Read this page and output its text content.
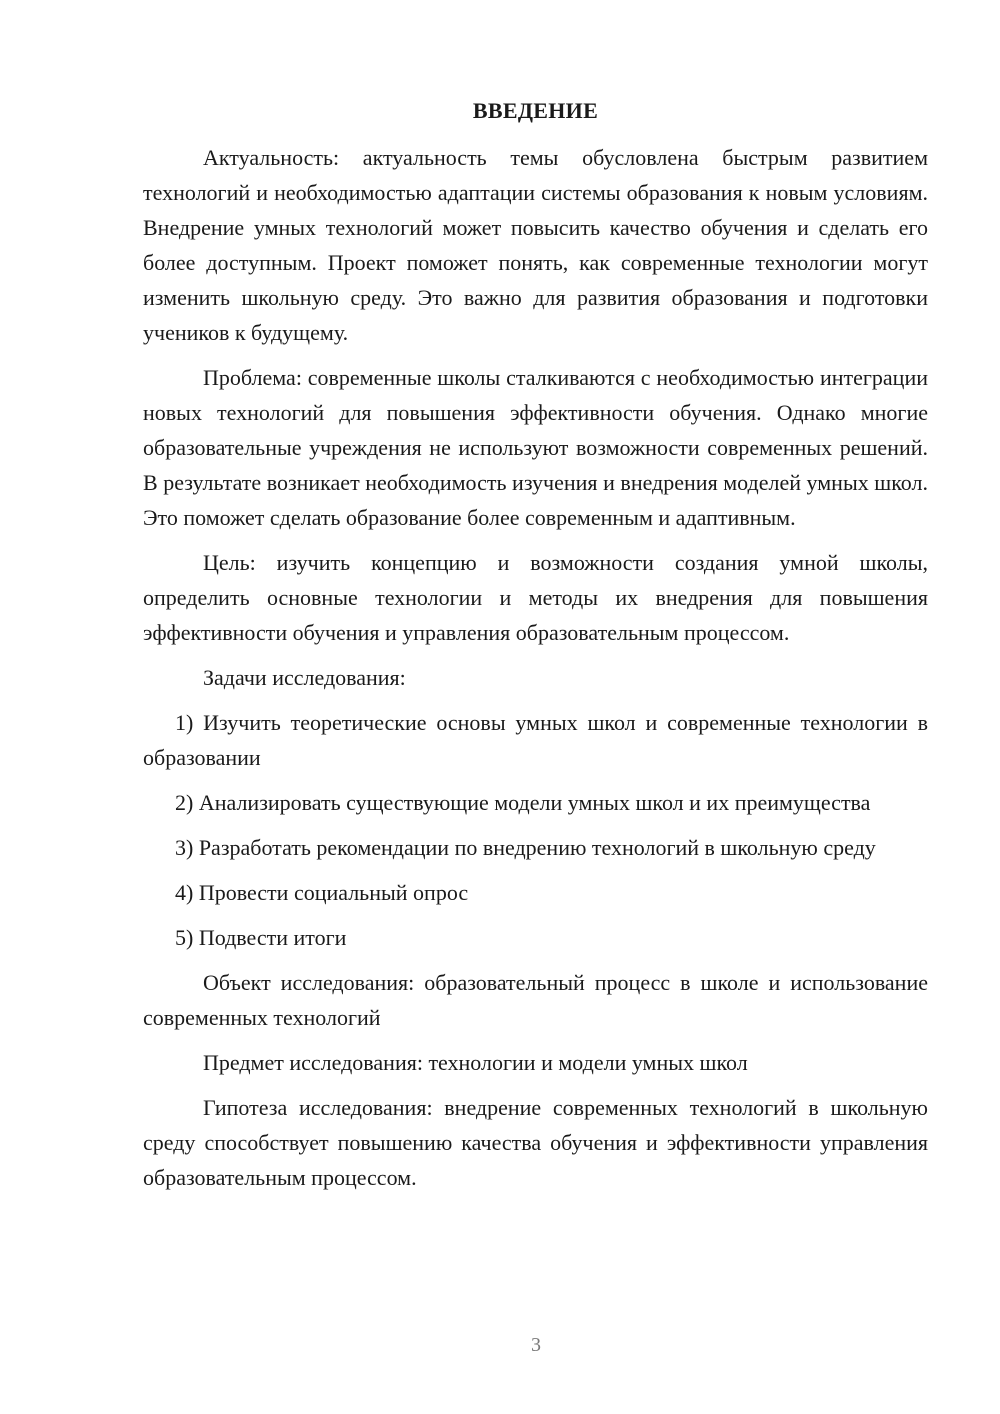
ВВЕДЕНИЕ

Актуальность: актуальность темы обусловлена быстрым развитием технологий и необходимостью адаптации системы образования к новым условиям. Внедрение умных технологий может повысить качество обучения и сделать его более доступным. Проект поможет понять, как современные технологии могут изменить школьную среду. Это важно для развития образования и подготовки учеников к будущему.

Проблема: современные школы сталкиваются с необходимостью интеграции новых технологий для повышения эффективности обучения. Однако многие образовательные учреждения не используют возможности современных решений. В результате возникает необходимость изучения и внедрения моделей умных школ. Это поможет сделать образование более современным и адаптивным.

Цель: изучить концепцию и возможности создания умной школы, определить основные технологии и методы их внедрения для повышения эффективности обучения и управления образовательным процессом.

Задачи исследования:

1) Изучить теоретические основы умных школ и современные технологии в образовании

2) Анализировать существующие модели умных школ и их преимущества

3) Разработать рекомендации по внедрению технологий в школьную среду

4) Провести социальный опрос

5) Подвести итоги

Объект исследования: образовательный процесс в школе и использование современных технологий

Предмет исследования: технологии и модели умных школ

Гипотеза исследования: внедрение современных технологий в школьную среду способствует повышению качества обучения и эффективности управления образовательным процессом.

3
